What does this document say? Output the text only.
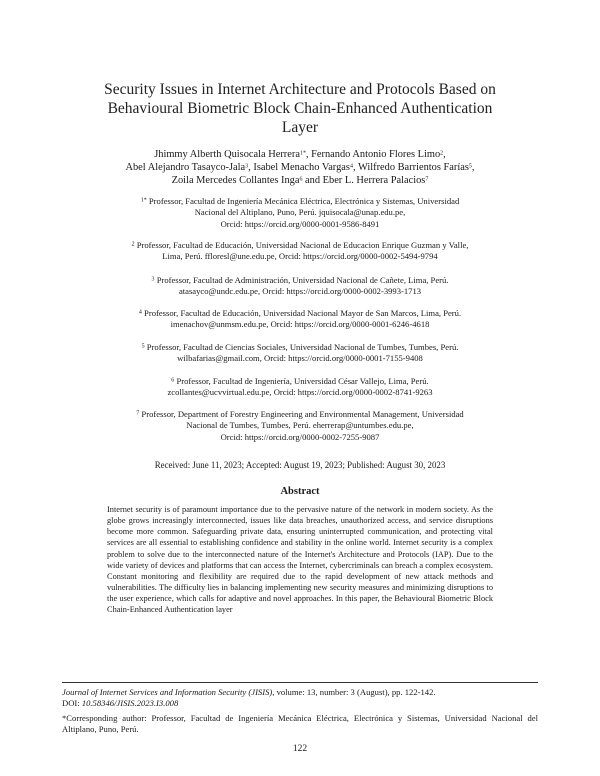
Security Issues in Internet Architecture and Protocols Based on Behavioural Biometric Block Chain-Enhanced Authentication Layer
Jhimmy Alberth Quisocala Herrera$^{1*}$, Fernando Antonio Flores Limo$^2$,
Abel Alejandro Tasayco-Jala$^3$, Isabel Menacho Vargas$^4$, Wilfredo Barrientos Farías$^5$,
Zoila Mercedes Collantes Inga$^6$ and Eber L. Herrera Palacios$^7$
$^{1*}$ Professor, Facultad de Ingeniería Mecánica Eléctrica, Electrónica y Sistemas, Universidad
Nacional del Altiplano, Puno, Perú. jquisocala@unap.edu.pe,
Orcid: https://orcid.org/0000-0001-9586-8491
$^2$ Professor, Facultad de Educación, Universidad Nacional de Educacion Enrique Guzman y Valle,
Lima, Perú. ffloresl@une.edu.pe, Orcid: https://orcid.org/0000-0002-5494-9794
$^3$ Professor, Facultad de Administración, Universidad Nacional de Cañete, Lima, Perú.
atasayco@undc.edu.pe, Orcid: https://orcid.org/0000-0002-3993-1713
$^4$ Professor, Facultad de Educación, Universidad Nacional Mayor de San Marcos, Lima, Perú.
imenachov@unmsm.edu.pe, Orcid: https://orcid.org/0000-0001-6246-4618
$^5$ Professor, Facultad de Ciencias Sociales, Universidad Nacional de Tumbes, Tumbes, Perú.
wilbafarias@gmail.com, Orcid: https://orcid.org/0000-0001-7155-9408
$^6$ Professor, Facultad de Ingeniería, Universidad César Vallejo, Lima, Perú.
zcollantes@ucvvirtual.edu.pe, Orcid: https://orcid.org/0000-0002-8741-9263
$^7$ Professor, Department of Forestry Engineering and Environmental Management, Universidad
Nacional de Tumbes, Tumbes, Perú. eherrerap@untumbes.edu.pe,
Orcid: https://orcid.org/0000-0002-7255-9087
Received: June 11, 2023; Accepted: August 19, 2023; Published: August 30, 2023
Abstract
Internet security is of paramount importance due to the pervasive nature of the network in modern society. As the globe grows increasingly interconnected, issues like data breaches, unauthorized access, and service disruptions become more common. Safeguarding private data, ensuring uninterrupted communication, and protecting vital services are all essential to establishing confidence and stability in the online world. Internet security is a complex problem to solve due to the interconnected nature of the Internet's Architecture and Protocols (IAP). Due to the wide variety of devices and platforms that can access the Internet, cybercriminals can breach a complex ecosystem. Constant monitoring and flexibility are required due to the rapid development of new attack methods and vulnerabilities. The difficulty lies in balancing implementing new security measures and minimizing disruptions to the user experience, which calls for adaptive and novel approaches. In this paper, the Behavioural Biometric Block Chain-Enhanced Authentication layer
Journal of Internet Services and Information Security (JISIS), volume: 13, number: 3 (August), pp. 122-142.
DOI: 10.58346/JISIS.2023.I3.008
*Corresponding author: Professor, Facultad de Ingeniería Mecánica Eléctrica, Electrónica y Sistemas, Universidad Nacional del Altiplano, Puno, Perú.
122
